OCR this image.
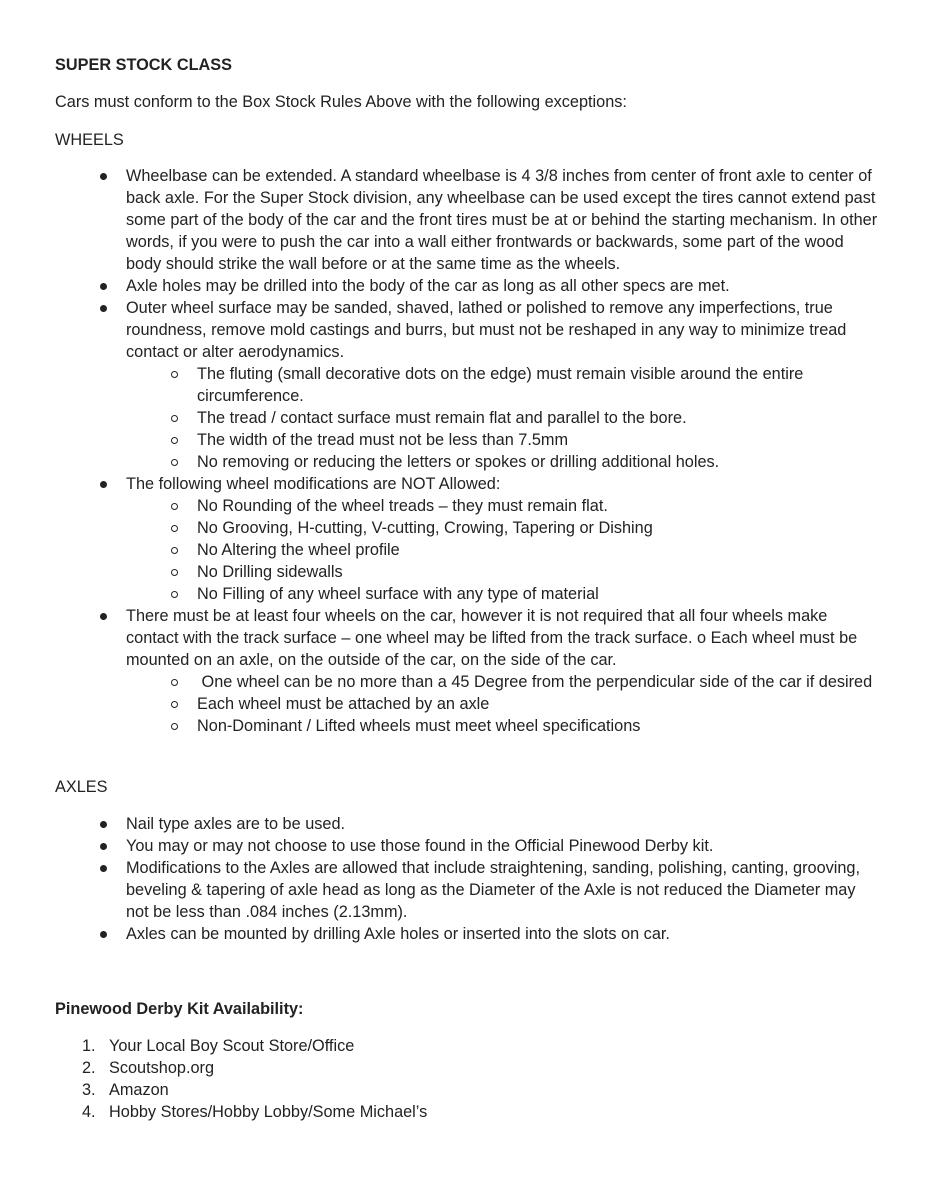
SUPER STOCK CLASS

Cars must conform to the Box Stock Rules Above with the following exceptions:

WHEELS

Wheelbase can be extended. A standard wheelbase is 4 3/8 inches from center of front axle to center of back axle. For the Super Stock division, any wheelbase can be used except the tires cannot extend past some part of the body of the car and the front tires must be at or behind the starting mechanism. In other words, if you were to push the car into a wall either frontwards or backwards, some part of the wood body should strike the wall before or at the same time as the wheels.
Axle holes may be drilled into the body of the car as long as all other specs are met.
Outer wheel surface may be sanded, shaved, lathed or polished to remove any imperfections, true roundness, remove mold castings and burrs, but must not be reshaped in any way to minimize tread contact or alter aerodynamics.
The fluting (small decorative dots on the edge) must remain visible around the entire circumference.
The tread / contact surface must remain flat and parallel to the bore.
The width of the tread must not be less than 7.5mm
No removing or reducing the letters or spokes or drilling additional holes.
The following wheel modifications are NOT Allowed:
No Rounding of the wheel treads – they must remain flat.
No Grooving, H-cutting, V-cutting, Crowing, Tapering or Dishing
No Altering the wheel profile
No Drilling sidewalls
No Filling of any wheel surface with any type of material
There must be at least four wheels on the car, however it is not required that all four wheels make contact with the track surface – one wheel may be lifted from the track surface. o Each wheel must be mounted on an axle, on the outside of the car, on the side of the car.
One wheel can be no more than a 45 Degree from the perpendicular side of the car if desired
Each wheel must be attached by an axle
Non-Dominant / Lifted wheels must meet wheel specifications

AXLES

Nail type axles are to be used.
You may or may not choose to use those found in the Official Pinewood Derby kit.
Modifications to the Axles are allowed that include straightening, sanding, polishing, canting, grooving, beveling & tapering of axle head as long as the Diameter of the Axle is not reduced the Diameter may not be less than .084 inches (2.13mm).
Axles can be mounted by drilling Axle holes or inserted into the slots on car.

Pinewood Derby Kit Availability:

1. Your Local Boy Scout Store/Office
2. Scoutshop.org
3. Amazon
4. Hobby Stores/Hobby Lobby/Some Michael’s
